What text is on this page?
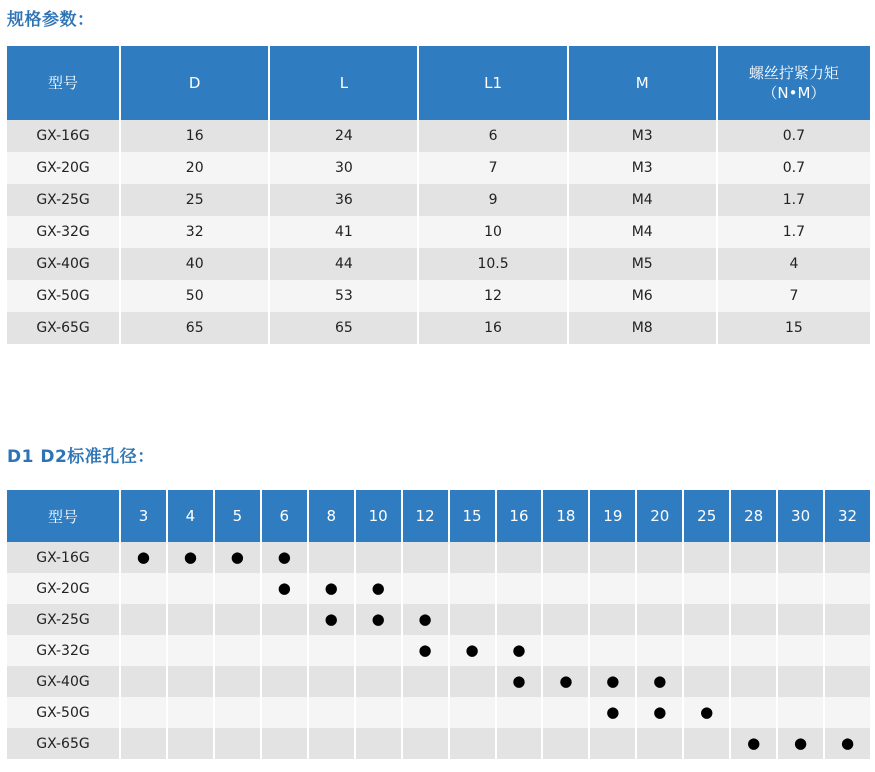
规格参数：
型号	D	L	L1	M	螺丝拧紧力矩
（N•M）

GX-16G	16	24	6	M3	0.7
GX-20G	20	30	7	M3	0.7
GX-25G	25	36	9	M4	1.7
GX-32G	32	41	10	M4	1.7
GX-40G	40	44	10.5	M5	4
GX-50G	50	53	12	M6	7
GX-65G	65	65	16	M8	15
D1 D2标准孔径：
型号	3	4	5	6	8	10	12	15	16	18	19	20	25	28	30	32
GX-16G	●	●	●	●												
GX-20G				●	●	●										
GX-25G					●	●	●									
GX-32G							●	●	●							
GX-40G									●	●	●	●				
GX-50G											●	●	●			
GX-65G														●	●	●
